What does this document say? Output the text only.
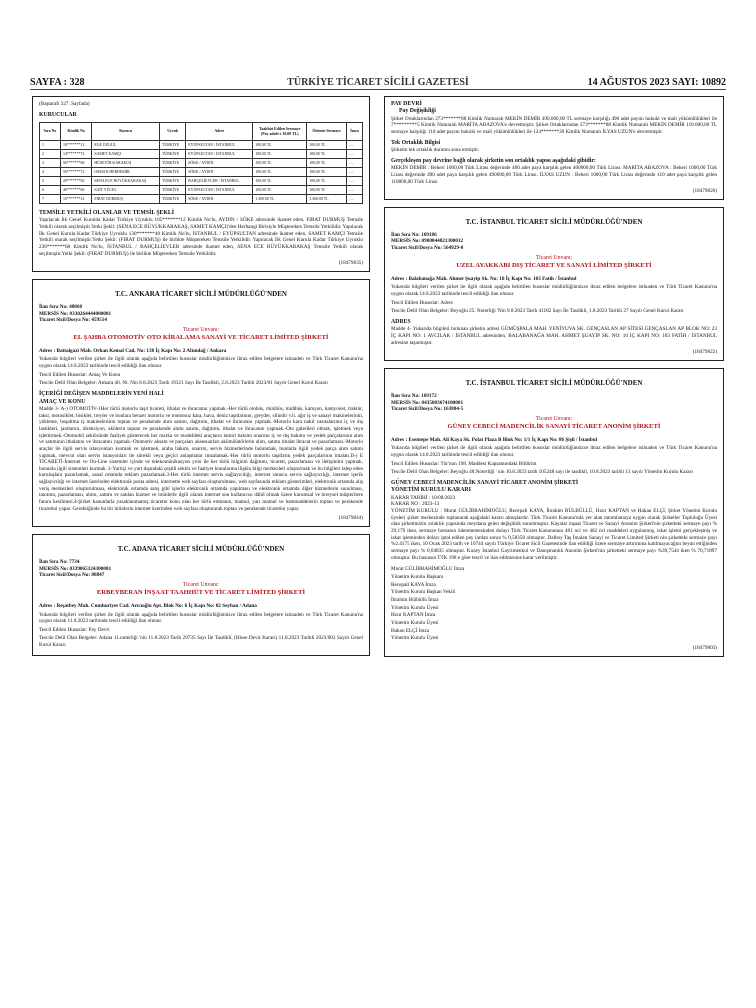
SAYFA : 328	TÜRKİYE TİCARET SİCİLİ GAZETESİ	14 AĞUSTOS 2023 SAYI: 10892

(Baştarafı 327. Sayfada)

KURUCULAR
Sıra No	Kimlik No	Kurucu	Uyruk	Adres	Taahhüt Edilen Sermaye (Pay adedi x 10.00 TL)	Ödenen Sermaye	İmza
1	10*******12	EGE ÖZGÜL	TÜRKİYE	EYÜPSULTAN / İSTANBUL	100,00 TL	100,00 TL	.....
2	14*******72	SAMET KAMÇI	TÜRKİYE	EYÜPSULTAN / İSTANBUL	100,00 TL	100,00 TL	.....
3	56*******68	HÜSEYİN KARAKUŞ	TÜRKİYE	SÖKE / AYDIN	100,00 TL	100,00 TL	.....
4	50*******72	OSMAN HERDEMİR	TÜRKİYE	SÖKE / AYDIN	100,00 TL	100,00 TL	.....
5	20*******82	SENA ECE BÜYÜKKARAKAŞ	TÜRKİYE	BAHÇELİEVLER / İSTANBUL	100,00 TL	100,00 TL	.....
6	40*******60	SAİT YÜCEL	TÜRKİYE	EYÜPSULTAN / İSTANBUL	100,00 TL	100,00 TL	.....
7	10*******12	FIRAT DURMUŞ	TÜRKİYE	SÖKE / AYDIN	1.300,00 TL	1.300,00 TL	.....
TEMSİLE YETKİLİ OLANLAR VE TEMSİL ŞEKLİ

Yapılacak İlk Genel Kurulda Kadar Türkiye Uyruklu 105*******12 Kimlik No'lu, AYDIN / SÖKE adresinde ikamet eden, FIRAT DURMUŞ Temsile Yetkili olarak seçilmiştir.Yetki Şekli: (SENA ECE BÜYÜKKARAKAŞ, SAMET KAMÇI)'den Herhangi Birisiyle Müştereken Temsile Yetkilidir. Yapılacak İlk Genel Kurula Kadar Türkiye Uyruklu 130*******48 Kimlik No'lu, İSTANBUL / EYÜPSULTAN adresinde ikamet eden, SAMET KAMÇI Temsile Yetkili olarak seçilmiştir.Yetki Şekli: (FIRAT DURMUŞ) ile birlikte Müştereken Temsile Yetkilidir. Yapılacak İlk Genel Kurula Kadar Türkiye Uyruklu 236*******68 Kimlik No'lu, İSTANBUL / BAHÇELİEVLER adresinde ikamet eden, SENA ECE BÜYÜKKARAKAŞ Temsile Yetkili olarak seçilmiştir.Yetki Şekli: (FIRAT DURMUŞ) ile birlikte Müştereken Temsile Yetkilidir.

(18479835)
T.C. ANKARA TİCARET SİCİLİ MÜDÜRLÜĞÜ'NDEN
İlan Sıra No: 48868
MERSİS No: 0330264444000001
Ticaret Sicil/Dosya No: 459514
Ticaret Unvanı:
EL ŞAHBA OTOMOTİV OTO KİRALAMA SANAYİ VE TİCARET LİMİTED ŞİRKETİ

Adres : Battalgazi Mah. Orhan Kemal Cad. No: 138 İç Kapı No: 2 Altındağ / Ankara

Yukarıda bilgileri verilen şirket ile ilgili olarak aşağıda belirtilen hususlar müdürlüğümüzce ibraz edilen belgelere istinaden ve Türk Ticaret Kanunu'na uygun olarak 14.8.2023 tarihinde tescil edildiği ilan olunur.

Tescil Edilen Hususlar: Amaç Ve Konu

Tescile Delil Olan Belgeler: Ankara 40. Nt. Nin 8.8.2023 Tarih 19321 Sayı İle Tasdikli, 2.8.2023 Tarihli 2023/01 Sayılı Genel Kurul Kararı

İÇERİĞİ DEĞİŞEN MADDELERİN YENİ HALİ
AMAÇ VE KONU

Madde 3- A-) OTOMOTİV-1Her türlü motorlu taşıt ticareti, ithalat ve ihracatını yapmak.-Her türlü otobüs, minibüs, midibüs, kamyon, kamyonet, traktör, taksi, motosiklet, bisiklet, treyler ve bunlara benzer motorlu ve motorsuz kara, hava, deniz taşıtlarının, greyder, silindir v.b. ağır iş ve sanayi makinelerinin, yükleme, boşaltma iş makinelerinin toptan ve perakende alım satımı, dağıtımı, ithalat ve ihracatını yapmak.-Motorlu kara nakil vasıtalarının iç ve dış lastikleri, jantlarını, direksiyon, akülerin toptan ve perakende alımı satımı, dağıtımı, ithalat ve ihracatını yapmak.-Oto galerileri olmak, işletmek veya işlettirmek.-Otomobil sektöründe faaliyet gösterecek her marka ve modeldeki araçların tamiri bakımı onarımı iç ve dış bakımı ve yedek parçalarının alım ve satımının ithalatını ve ihracatını yapmak.-Otomotiv aksam ve parçaları aksesuarları akümülatörlerin alım, satımı ithalat ihracat ve pazarlaması.-Motorlu araçlar ile ilgili servis istasyonları kurmak ve işletmek, araba bakım, onarım, servis hizmetlerinde bulunmak, bunlarla ilgili yedek parça alım satımı yapmak, mevcut olan servis istasyonları ile sürekli veya geçici anlaşmalar imzalamak.-Her türlü motorlu taşıtların yedek parçalarının imalatı.II-) E TİCARETİ-İnternet ve On-Line sistemler içinde ve telekomünikasyon yolu ile her türlü bilginin dağıtımı, ticareti, pazarlaması ve iletişimini yapmak, bununla ilgili sistemleri kurmak. 2-Yurtiçi ve yurt dışındaki çeşitli sektör ve faaliyet konularına ilişkin bilgi merkezleri oluşturmak ve bu bilgileri talep eden kuruluşlara pazarlamak, sanal ortamda reklam pazarlamak.3-Her türlü internet servis sağlayıcılığı, internet sunucu servis sağlayıcılığı, internet içerik sağlayıcılığı ve internet üzerinden elektronik posta adresi, internette web sayfası oluşturulması, web sayfasında reklam gösterimleri, elektronik ortamda alış veriş merkezleri oluşturulması, elektronik ortamda satış gibi işlerin elektronik ortamda yapılması ve elektronik ortamda diğer hizmetlerin sunulması, tanıtımı, pazarlaması, alımı, satımı ve satılan hizmet ve ürünlerle ilgili olarak internet son kullanıcısı dâhil olmak üzere kurumsal ve bireysel müşterilere fatura kesilmesi.4-Şirket kanunlarla yasaklanmamış ticaretin konu olan her türlü emtianın, mamul, yarı mamul ve hammaddelerin toptan ve perakende ticaretini yapar. Gerektiğinde bu tür ürünlerin internet üzerinden web sayfası oluşturarak toptan ve perakende ticaretini yapar.

(18479844)
T.C. ADANA TİCARET SİCİLİ MÜDÜRLÜĞÜ'NDEN
İlan Sıra No: 7734
MERSİS No: 0339065124300001
Ticaret Sicil/Dosya No: 88847
Ticaret Unvanı:
ERBEYBERAN İNŞAAT TAAHHÜT VE TİCARET LİMİTED ŞİRKETİ

Adres : Reşatbey Mah. Cumhuriyet Cad. Arıcıoğlu Apt. Blok No: 6 İç Kapı No: 02 Seyhan / Adana

Yukarıda bilgileri verilen şirket ile ilgili olarak aşağıda belirtilen hususlar müdürlüğümüzce ibraz edilen belgelere istinaden ve Türk Ticaret Kanunu'na uygun olarak 11.8.2023 tarihinde tescil edildiği ilan olunur.

Tescil Edilen Hususlar: Pay Devri

Tescile Delil Olan Belgeler: Adana 11.noterliği 'nin 11.8.2023 Tarih 29735 Sayı İle Tasdikli, (Hisse Devir Kararı) 11.8.2023 Tarihli 2023/002 Sayılı Genel Kurul Kararı

PAY DEVRİ
Pay Değişikliği

Şirket Ortaklarından 273*******88 Kimlik Numaralı MEKİN DEMİR 490.000,00 TL sermaye karşılığı 490 adet payını hukuki ve mali yükümlülükleri ile 7*********5 Kimlik Numaralı MARİTA ABAZOVA'e devretmiştir. Şirket Ortaklarından 273*******88 Kimlik Numaralı MEKİN DEMİR 110.000,00 TL sermaye karşılığı 110 adet payını hukuki ve mali yükümlülükleri ile 124*******20 Kimlik Numaralı İLYAS UZUN'e devretmiştir.

Tek Ortaklık Bilgisi

Şirketin tek ortaklık durumu sona ermiştir.

Gerçekleşen pay devrine bağlı olarak şirketin son ortaklık yapısı aşağıdaki gibidir:

MEKİN DEMİR : Beheri 1000,00 Türk Lirası değerinde 400 adet paya karşılık gelen 400000,00 Türk Lirası. MARİTA ABAZOVA : Beheri 1000,00 Türk Lirası değerinde 490 adet paya karşılık gelen 490000,00 Türk Lirası. İLYAS UZUN : Beheri 1000,00 Türk Lirası değerinde 110 adet paya karşılık gelen 110000,00 Türk Lirası

(18479826)
T.C. İSTANBUL TİCARET SİCİLİ MÜDÜRLÜĞÜ'NDEN
İlan Sıra No: 169186
MERSİS No: 0900044821300012
Ticaret Sicil/Dosya No: 564929-0
Ticaret Unvanı:
UZEL AYAKKABI DIŞ TİCARET VE SANAYİ LİMİTED ŞİRKETİ

Adres : Balabanağa Mah. Ahmet Şuayip Sk. No: 10 İç Kapı No: 103 Fatih / İstanbul

Yukarıda bilgileri verilen şirket ile ilgili olarak aşağıda belirtilen hususlar müdürlüğümüzce ibraz edilen belgelere istinaden ve Türk Ticaret Kanunu'na uygun olarak 14.8.2023 tarihinde tescil edildiği ilan olunur.

Tescil Edilen Hususlar: Adres

Tescile Delil Olan Belgeler: Beyoğlu 25. Noterliği 'Nin 9.8.2023 Tarih 41182 Sayı İle Tasdikli, 1.8.2023 Tarihli 27 Sayılı Genel Kurul Kararı

ADRES

Madde 4- Yukarıda bilgileri bulunan şirketin adresi GÜMÜŞPALA MAH. YENİYUVA SK. GENÇASLAN AP SİTESİ GENÇASLAN AP BLOK NO: 23 İÇ KAPI NO: 1 AVCILAR / İSTANBUL adresinden, BALABANAĞA MAH. AHMET ŞUAYİP SK. NO: 10 İÇ KAPI NO: 103 FATİH / İSTANBUL adresine taşınmıştır.

(18479822)
T.C. İSTANBUL TİCARET SİCİLİ MÜDÜRLÜĞÜ'NDEN
İlan Sıra No: 169172
MERSİS No: 0435083674100001
Ticaret Sicil/Dosya No: 163804-5
Ticaret Unvanı:
GÜNEY CEBECİ MADENCİLİK SANAYİ TİCARET ANONİM ŞİRKETİ

Adres : Esentepe Mah. Ali Kaya Sk. Polat Plaza B Blok No: 1/1 İç Kapı No: 86 Şişli / İstanbul

Yukarıda bilgileri verilen şirket ile ilgili olarak aşağıda belirtilen hususlar müdürlüğümüzce ibraz edilen belgelere istinaden ve Türk Ticaret Kanunu'na uygun olarak 14.8.2023 tarihinde tescil edildiği ilan olunur.

Tescil Edilen Hususlar: Tür'nun 198. Maddesi Kapsamındaki Bildirim

Tescile Delil Olan Belgeler: Beyoğlu 48.Noterliği ' nin 10.8.2023 tarih 105248 sayı ile tasdikli, 10.8.2023 tarihli 13 sayılı Yönetim Kurulu Kararı

GÜNEY CEBECİ MADENCİLİK SANAYİ TİCARET ANONİM ŞİRKETİ
YÖNETİM KURULU KARARI
KARAR TARİHİ : 10/08/2023
KARAR NO : 2023-13

YÖNETİM KURULU : Murat GÜLİBRAHİMOĞLU, Recepali KAYA, İbrahim BÜLBÜLLÜ, Hızır KAPTAN ve Hakan ELÇİ, Şirket Yönetim Kurulu üyeleri şirket merkezinde toplanarak aşağıdaki kararı almışlardır. Türk Ticaret Kanunu'nda yer alan tanımlamaya uygun olarak Şirketler Topluluğu Üyesi olan şirketimizin ortaklık yapısında meydana gelen değişiklik sunulmuştur. Kayalar inşaat Ticaret ve Sanayi Anonim Şirketi'nin şirketteki sermaye payı % 29,179 iken, sermaye borsanın ödenmemesinden dolayı Türk Ticaret Kanununun 481 nci ve 482 nci maddeleri uygulanmış, iskat işlemi gerçekleşmiş ve iskat işleminden dolayı iptal edilen pay lardan sonra % 0,58358 olmuştur. Dalboy Taş İmalatı Sanayi ve Ticaret Limited Şirketi nin şirketteki sermaye payı %2.4175 iken, 10 Ocak 2023 tarih ve 10744 sayılı Türkiye Ticaret Sicil Gazetesinde ilan edildiği üzere sermaye artırımına katılmayacağını beyan ettiğinden sermaye payı % 0,04835 olmuştur. Kuzey İstanbul Gayrimenkul ve Danışmanlık Anonim Şirketi'nin şirketteki sermaye payı %39,7544 iken % 70,71897 olmuştur. Bu hususun TTK 198 e göre tescil ve ilan edilmesine karar verilmiştir.

Murat GÜLİBRAHİMOĞLU İmza

Yönetim Kurulu Başkanı

Recepali KAYA İmza

Yönetim Kurulu Başkan Vekili

İbrahim Bülbüllü İmza

Yönetim Kurulu Üyesi

Hızır KAPTAN İmza

Yönetim Kurulu Üyesi

Hakan ELÇİ İmza

Yönetim Kurulu Üyesi

(18479803)
